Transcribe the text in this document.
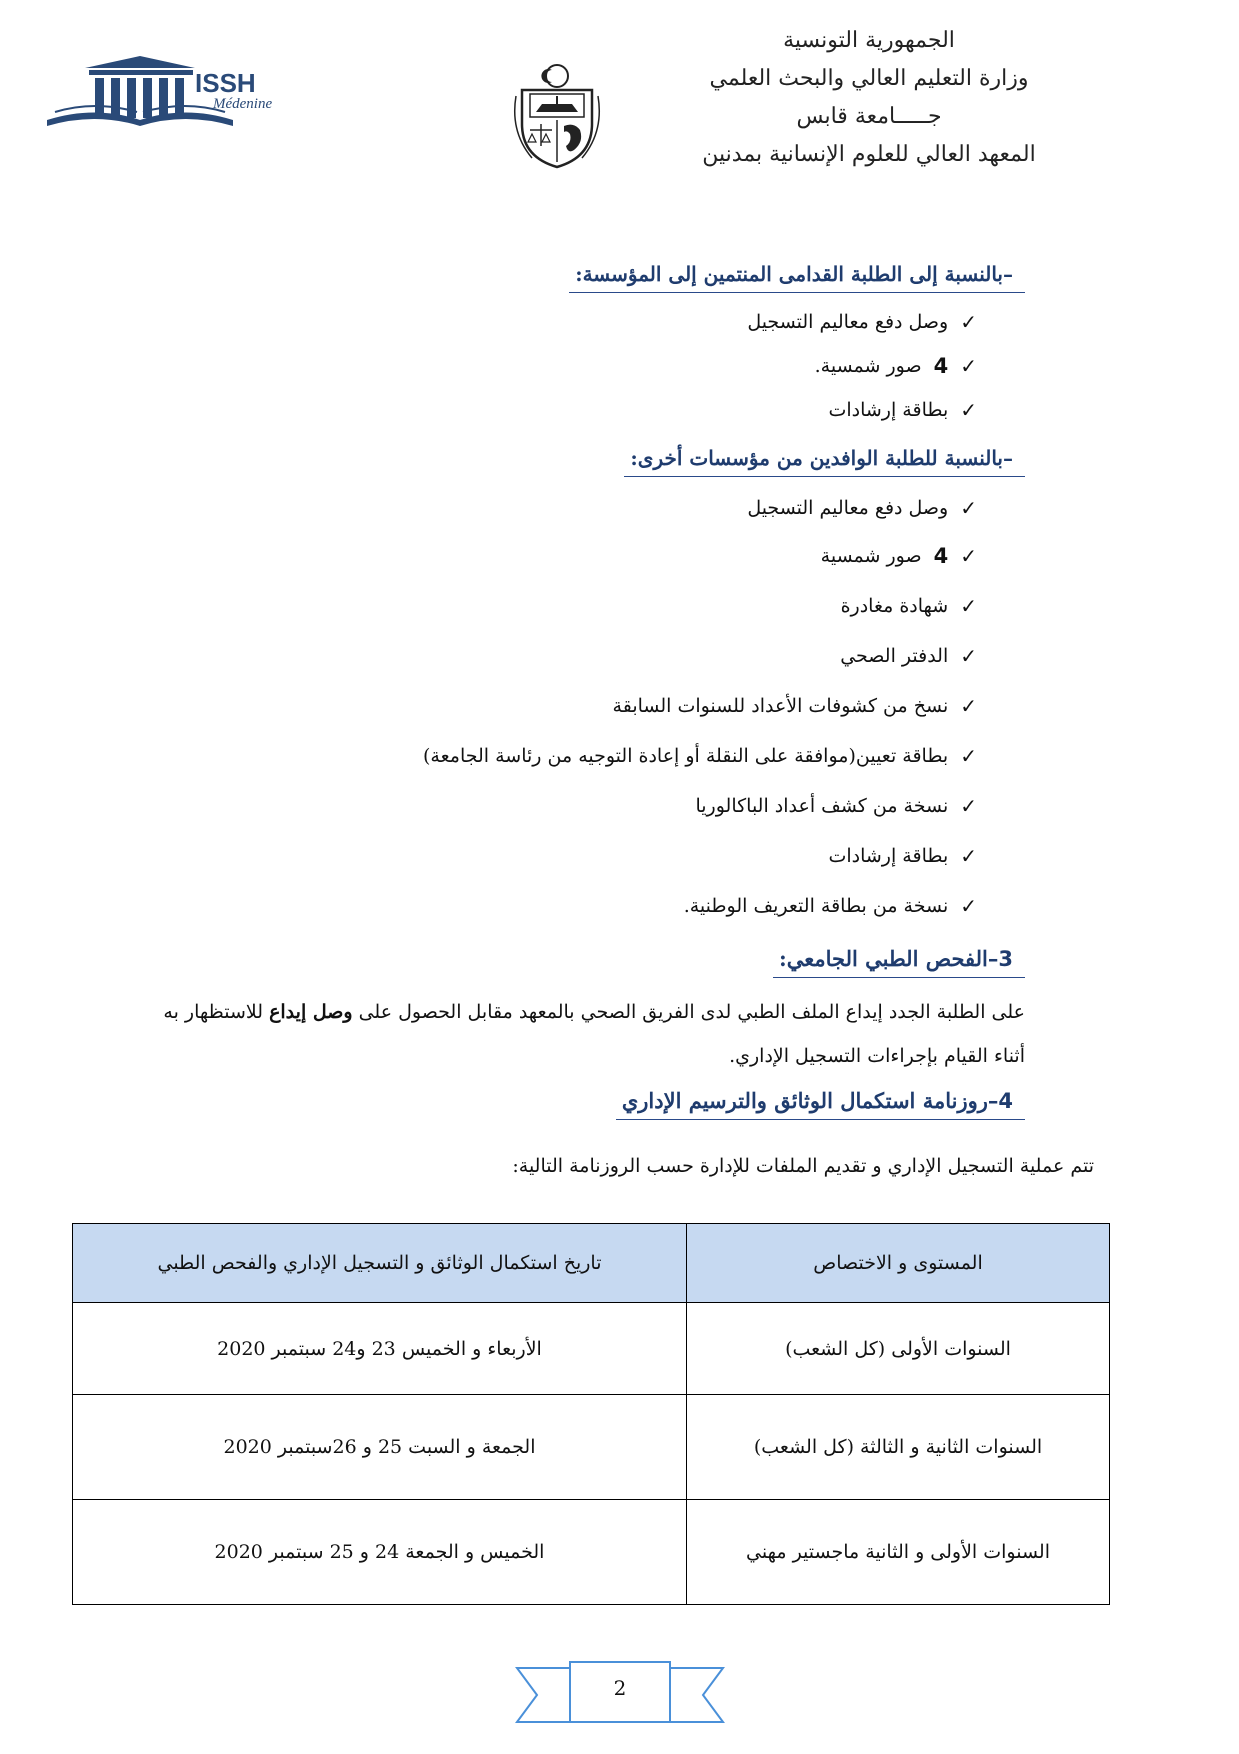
ISSH
Médenine
الجمهورية التونسية
وزارة التعليم العالي والبحث العلمي
جـــــامعة قابس
المعهد العالي للعلوم الإنسانية بمدنين
–بالنسبة إلى الطلبة القدامى المنتمين إلى المؤسسة:
✓
وصل دفع معاليم التسجيل
✓
4
صور شمسية.
✓
بطاقة إرشادات
–بالنسبة للطلبة الوافدين من مؤسسات أخرى:
✓
وصل دفع معاليم التسجيل
✓
4
صور شمسية
✓
شهادة مغادرة
✓
الدفتر الصحي
✓
نسخ من كشوفات الأعداد للسنوات السابقة
✓
بطاقة تعيين(موافقة على النقلة أو إعادة التوجيه من رئاسة الجامعة)
✓
نسخة من كشف أعداد الباكالوريا
✓
بطاقة إرشادات
✓
نسخة من بطاقة التعريف الوطنية.
3–الفحص الطبي الجامعي:
على الطلبة الجدد إيداع الملف الطبي لدى الفريق الصحي بالمعهد مقابل الحصول على وصل إيداع للاستظهار به أثناء القيام بإجراءات التسجيل الإداري.
4–روزنامة استكمال الوثائق والترسيم الإداري
تتم عملية التسجيل الإداري و تقديم الملفات للإدارة حسب الروزنامة التالية:
المستوى و الاختصاص	تاريخ استكمال الوثائق و التسجيل الإداري والفحص الطبي
السنوات الأولى (كل الشعب)	الأربعاء و الخميس 23 و24 سبتمبر 2020
السنوات الثانية و الثالثة (كل الشعب)	الجمعة و السبت 25 و 26سبتمبر 2020
السنوات الأولى و الثانية ماجستير مهني	الخميس و الجمعة 24 و 25 سبتمبر 2020
2
